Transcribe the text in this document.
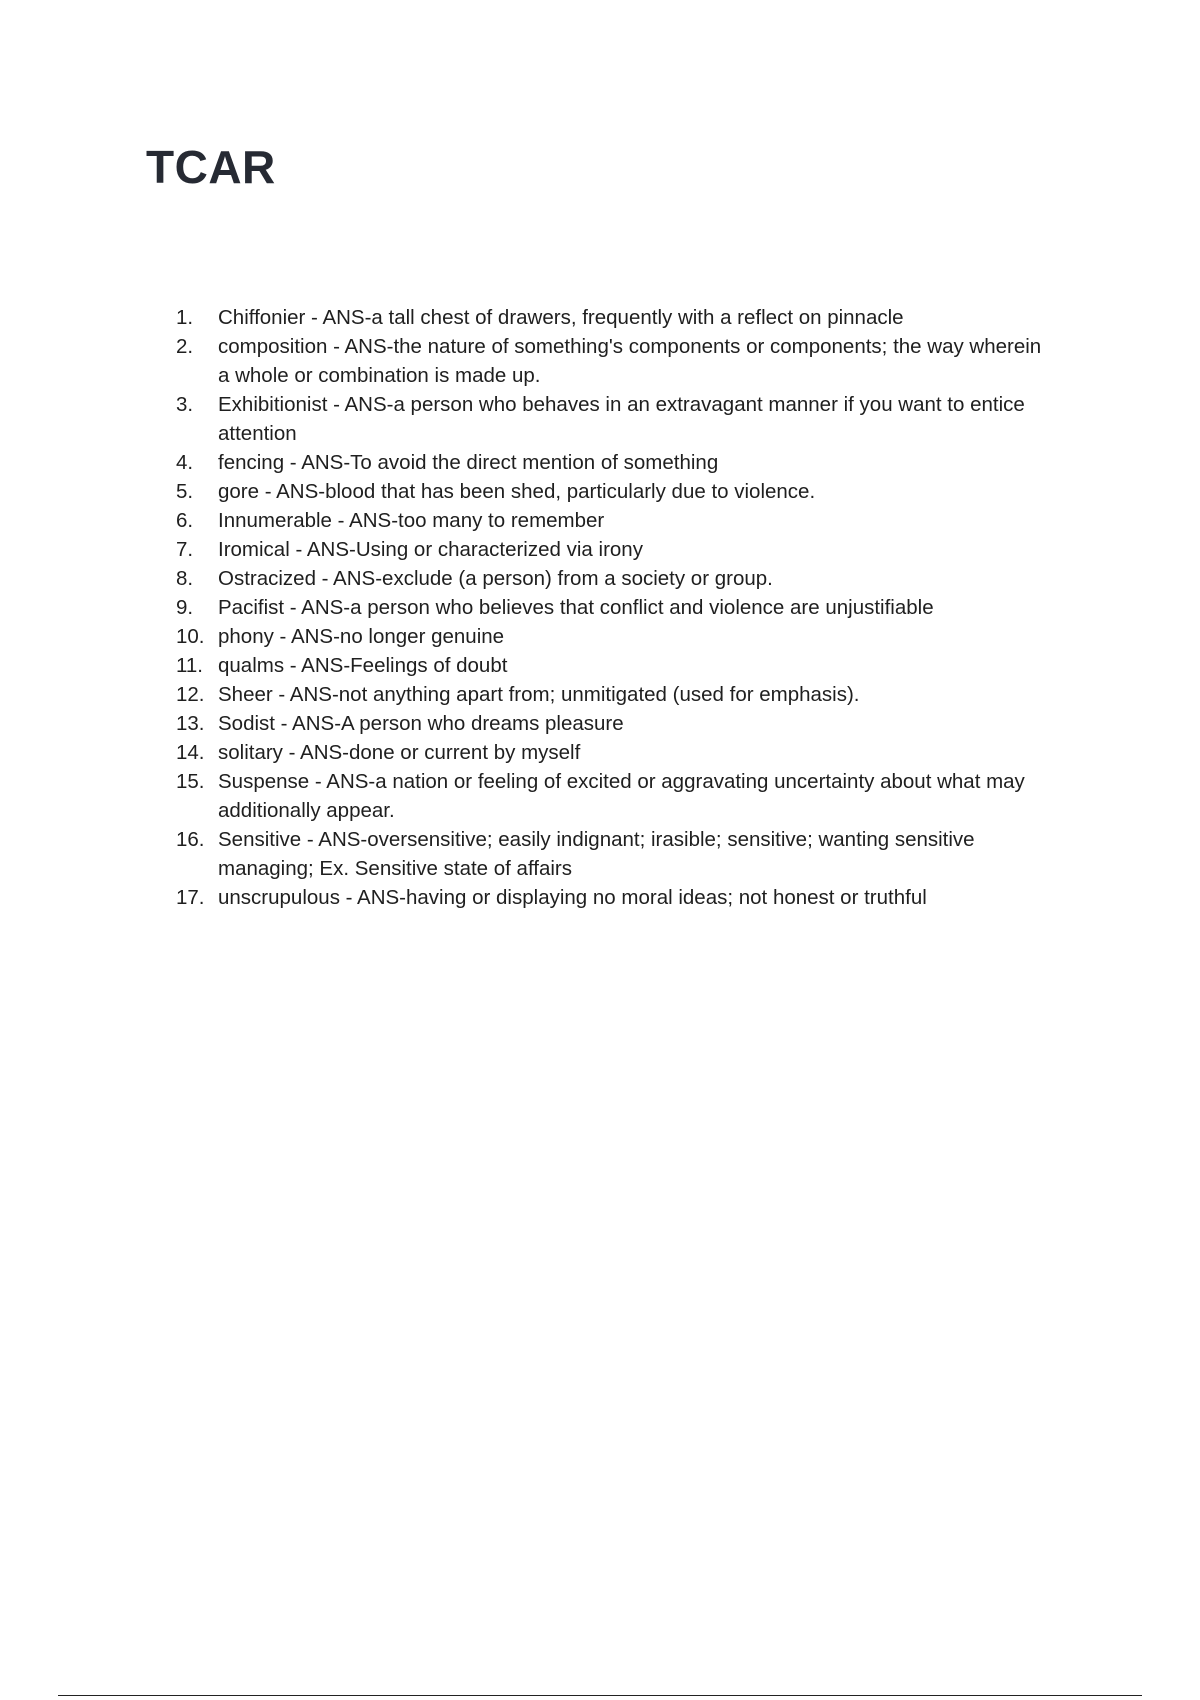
TCAR
1. Chiffonier - ANS-a tall chest of drawers, frequently with a reflect on pinnacle
2. composition - ANS-the nature of something's components or components; the way wherein a whole or combination is made up.
3. Exhibitionist - ANS-a person who behaves in an extravagant manner if you want to entice attention
4. fencing - ANS-To avoid the direct mention of something
5. gore - ANS-blood that has been shed, particularly due to violence.
6. Innumerable - ANS-too many to remember
7. Iromical - ANS-Using or characterized via irony
8. Ostracized - ANS-exclude (a person) from a society or group.
9. Pacifist - ANS-a person who believes that conflict and violence are unjustifiable
10. phony - ANS-no longer genuine
11. qualms - ANS-Feelings of doubt
12. Sheer - ANS-not anything apart from; unmitigated (used for emphasis).
13. Sodist - ANS-A person who dreams pleasure
14. solitary - ANS-done or current by myself
15. Suspense - ANS-a nation or feeling of excited or aggravating uncertainty about what may additionally appear.
16. Sensitive - ANS-oversensitive; easily indignant; irasible; sensitive; wanting sensitive managing; Ex. Sensitive state of affairs
17. unscrupulous - ANS-having or displaying no moral ideas; not honest or truthful
